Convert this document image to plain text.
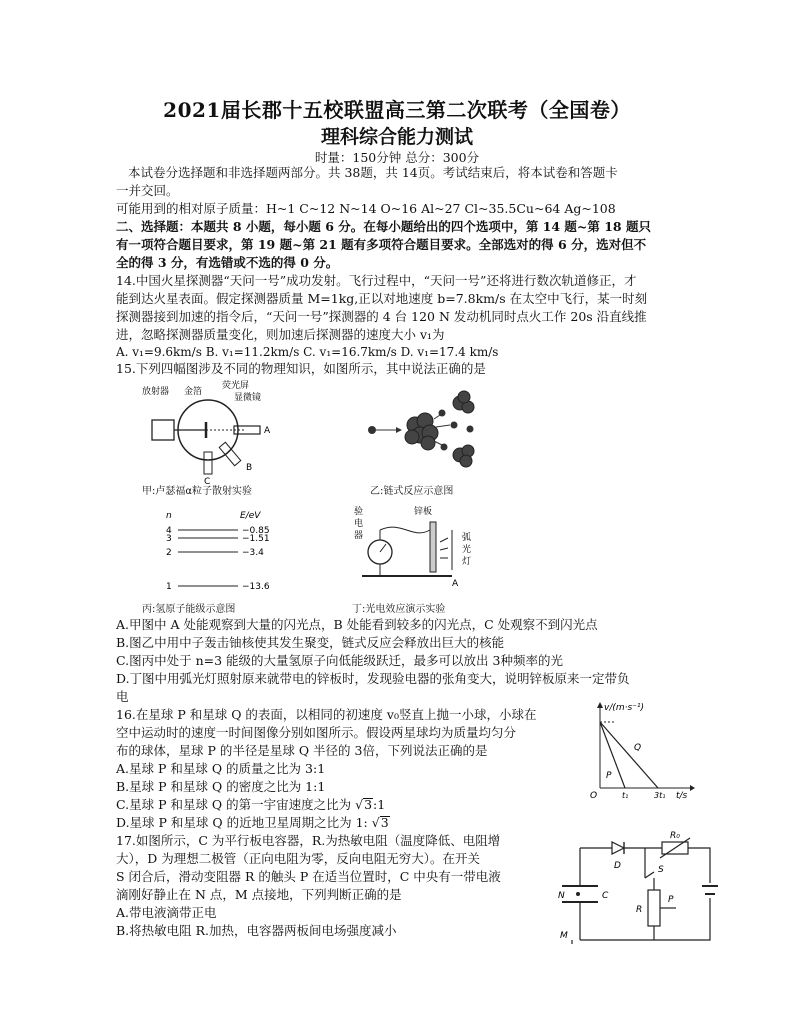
2021届长郡十五校联盟高三第二次联考（全国卷）
理科综合能力测试
时量：150分钟 总分：300分
本试卷分选择题和非选择题两部分。共 38题，共 14页。考试结束后，将本试卷和答题卡
一并交回。
可能用到的相对原子质量：H~1 C~12 N~14 O~16 Al~27 Cl~35.5Cu~64 Ag~108
二、选择题：本题共 8 小题，每小题 6 分。在每小题给出的四个选项中，第 14 题~第 18 题只
有一项符合题目要求，第 19 题~第 21 题有多项符合题目要求。全部选对的得 6 分，选对但不
全的得 3 分，有选错或不选的得 0 分。
14.中国火星探测器“天问一号”成功发射。飞行过程中，“天问一号”还将进行数次轨道修正，才
能到达火星表面。假定探测器质量 M=1kg,正以对地速度 b=7.8km/s 在太空中飞行，某一时刻
探测器接到加速的指令后，“天问一号”探测器的 4 台 120 N 发动机同时点火工作 20s 沿直线推
进，忽略探测器质量变化，则加速后探测器的速度大小 v₁为
A. v₁=9.6km/s B. v₁=11.2km/s C. v₁=16.7km/s D. v₁=17.4 km/s
15.下列四幅图涉及不同的物理知识，如图所示，其中说法正确的是
放射器 金箔
荧光屏
显微镜
A
B
C
甲:卢瑟福α粒子散射实验	乙:链式反应示意图
n	E/eV
4	−0.85
3	−1.51
2	−3.4
1	−13.6
丙:氢原子能级示意图
验
电
器
锌板
弧
光
灯
A
丁:光电效应演示实验
A.甲图中 A 处能观察到大量的闪光点，B 处能看到较多的闪光点，C 处观察不到闪光点
B.图乙中用中子轰击铀核使其发生聚变，链式反应会释放出巨大的核能
C.图丙中处于 n=3 能级的大量氢原子向低能级跃迁，最多可以放出 3种频率的光
D.丁图中用弧光灯照射原来就带电的锌板时，发现验电器的张角变大，说明锌板原来一定带负
电
16.在星球 P 和星球 Q 的表面，以相同的初速度 v₀竖直上抛一小球，小球在
空中运动时的速度一时间图像分别如图所示。假设两星球均为质量均匀分
布的球体，星球 P 的半径是星球 Q 半径的 3倍，下列说法正确的是
A.星球 P 和星球 Q 的质量之比为 3:1
B.星球 P 和星球 Q 的密度之比为 1:1
C.星球 P 和星球 Q 的第一宇宙速度之比为 √3:1
D.星球 P 和星球 Q 的近地卫星周期之比为 1: √3
v/(m·s⁻¹)
t/s
O	t₁	3t₁
P
Q
17.如图所示，C 为平行板电容器，R.为热敏电阻（温度降低、电阻增
大），D 为理想二极管（正向电阻为零，反向电阻无穷大）。在开关
S 闭合后，滑动变阻器 R 的触头 P 在适当位置时，C 中央有一带电液
滴刚好静止在 N 点，M 点接地，下列判断正确的是
A.带电液滴带正电
B.将热敏电阻 R.加热，电容器两板间电场强度减小
R₀
D	S
P
R
N	C
M
